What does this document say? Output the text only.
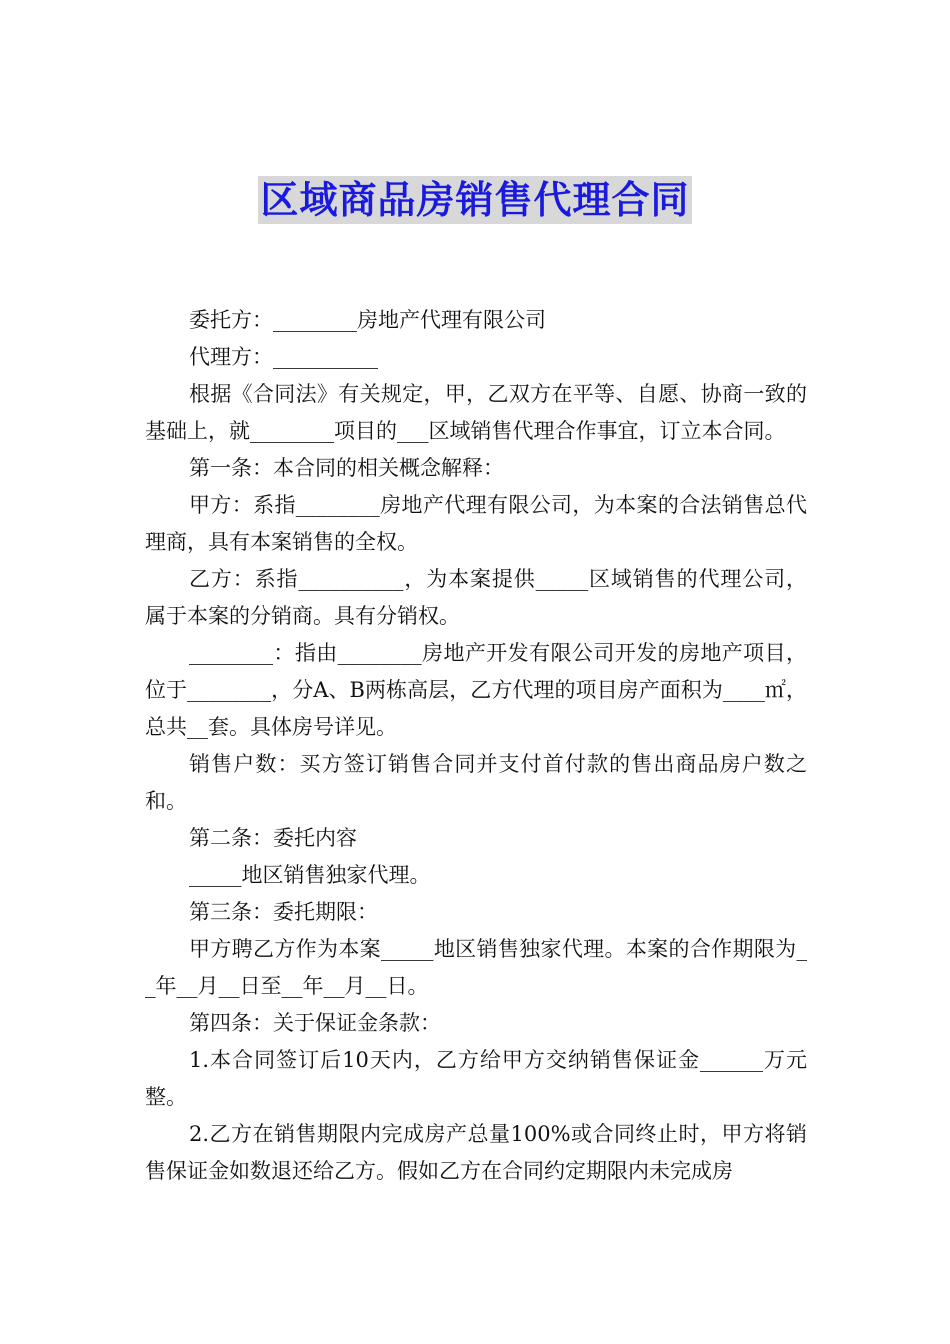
区域商品房销售代理合同

委托方：________房地产代理有限公司

代理方：__________

根据《合同法》有关规定，甲，乙双方在平等、自愿、协商一致的基础上，就________项目的___区域销售代理合作事宜，订立本合同。

第一条：本合同的相关概念解释：

甲方：系指________房地产代理有限公司，为本案的合法销售总代理商，具有本案销售的全权。

乙方：系指__________，为本案提供_____区域销售的代理公司，属于本案的分销商。具有分销权。

________：指由________房地产开发有限公司开发的房地产项目，位于________，分A、B两栋高层，乙方代理的项目房产面积为____㎡，总共__套。具体房号详见。

销售户数：买方签订销售合同并支付首付款的售出商品房户数之和。

第二条：委托内容

_____地区销售独家代理。

第三条：委托期限：

甲方聘乙方作为本案_____地区销售独家代理。本案的合作期限为__年__月__日至__年__月__日。

第四条：关于保证金条款：

1.本合同签订后10天内，乙方给甲方交纳销售保证金______万元整。

2.乙方在销售期限内完成房产总量100%或合同终止时，甲方将销售保证金如数退还给乙方。假如乙方在合同约定期限内未完成房
